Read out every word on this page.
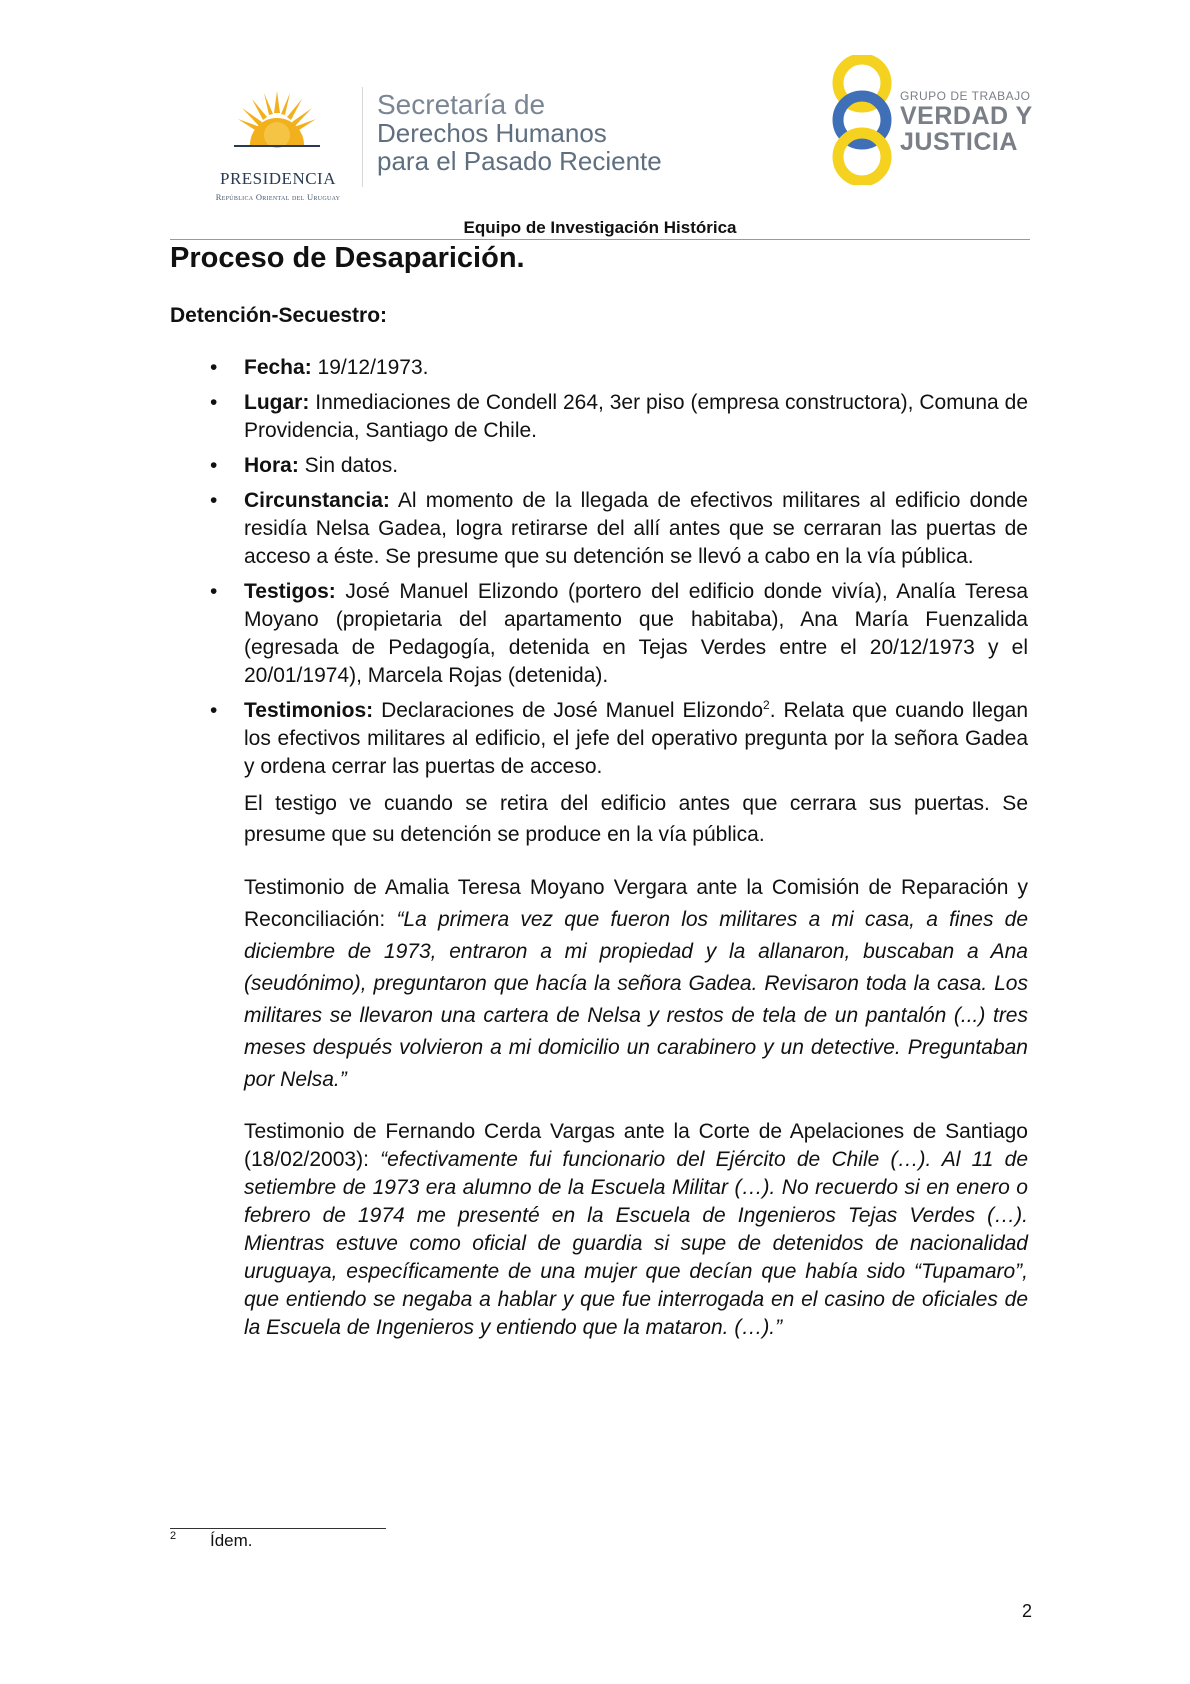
PRESIDENCIA
República Oriental del Uruguay
Secretaría de
Derechos Humanos
para el Pasado Reciente
GRUPO DE TRABAJO
VERDAD Y
JUSTICIA
Equipo de Investigación Histórica
Proceso de Desaparición.
Detención-Secuestro:
• Fecha: 19/12/1973.
• Lugar: Inmediaciones de Condell 264, 3er piso (empresa constructora), Comuna de Providencia, Santiago de Chile.
• Hora: Sin datos.
• Circunstancia: Al momento de la llegada de efectivos militares al edificio donde residía Nelsa Gadea, logra retirarse del allí antes que se cerraran las puertas de acceso a éste. Se presume que su detención se llevó a cabo en la vía pública.
• Testigos: José Manuel Elizondo (portero del edificio donde vivía), Analía Teresa Moyano (propietaria del apartamento que habitaba), Ana María Fuenzalida (egresada de Pedagogía, detenida en Tejas Verdes entre el 20/12/1973 y el 20/01/1974), Marcela Rojas (detenida).
• Testimonios: Declaraciones de José Manuel Elizondo$^2$. Relata que cuando llegan los efectivos militares al edificio, el jefe del operativo pregunta por la señora Gadea y ordena cerrar las puertas de acceso.

El testigo ve cuando se retira del edificio antes que cerrara sus puertas. Se presume que su detención se produce en la vía pública.

Testimonio de Amalia Teresa Moyano Vergara ante la Comisión de Reparación y Reconciliación: “La primera vez que fueron los militares a mi casa, a fines de diciembre de 1973, entraron a mi propiedad y la allanaron, buscaban a Ana (seudónimo), preguntaron que hacía la señora Gadea. Revisaron toda la casa. Los militares se llevaron una cartera de Nelsa y restos de tela de un pantalón (...) tres meses después volvieron a mi domicilio un carabinero y un detective. Preguntaban por Nelsa.”

Testimonio de Fernando Cerda Vargas ante la Corte de Apelaciones de Santiago (18/02/2003): “efectivamente fui funcionario del Ejército de Chile (…). Al 11 de setiembre de 1973 era alumno de la Escuela Militar (…). No recuerdo si en enero o febrero de 1974 me presenté en la Escuela de Ingenieros Tejas Verdes (…). Mientras estuve como oficial de guardia si supe de detenidos de nacionalidad uruguaya, específicamente de una mujer que decían que había sido “Tupamaro”, que entiendo se negaba a hablar y que fue interrogada en el casino de oficiales de la Escuela de Ingenieros y entiendo que la mataron. (…).”

2 Ídem.
2
